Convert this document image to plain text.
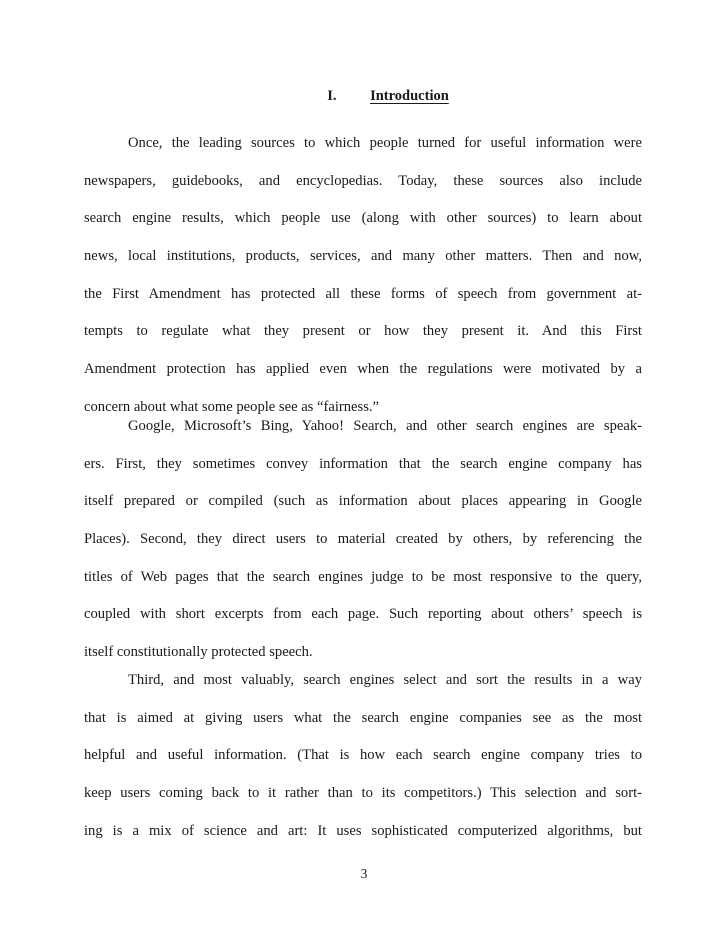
I. Introduction
Once, the leading sources to which people turned for useful information were
newspapers, guidebooks, and encyclopedias. Today, these sources also include
search engine results, which people use (along with other sources) to learn about
news, local institutions, products, services, and many other matters. Then and now,
the First Amendment has protected all these forms of speech from government at-
tempts to regulate what they present or how they present it. And this First
Amendment protection has applied even when the regulations were motivated by a
concern about what some people see as “fairness.”
Google, Microsoft’s Bing, Yahoo! Search, and other search engines are speak-
ers. First, they sometimes convey information that the search engine company has
itself prepared or compiled (such as information about places appearing in Google
Places). Second, they direct users to material created by others, by referencing the
titles of Web pages that the search engines judge to be most responsive to the query,
coupled with short excerpts from each page. Such reporting about others’ speech is
itself constitutionally protected speech.
Third, and most valuably, search engines select and sort the results in a way
that is aimed at giving users what the search engine companies see as the most
helpful and useful information. (That is how each search engine company tries to
keep users coming back to it rather than to its competitors.) This selection and sort-
ing is a mix of science and art: It uses sophisticated computerized algorithms, but
3
